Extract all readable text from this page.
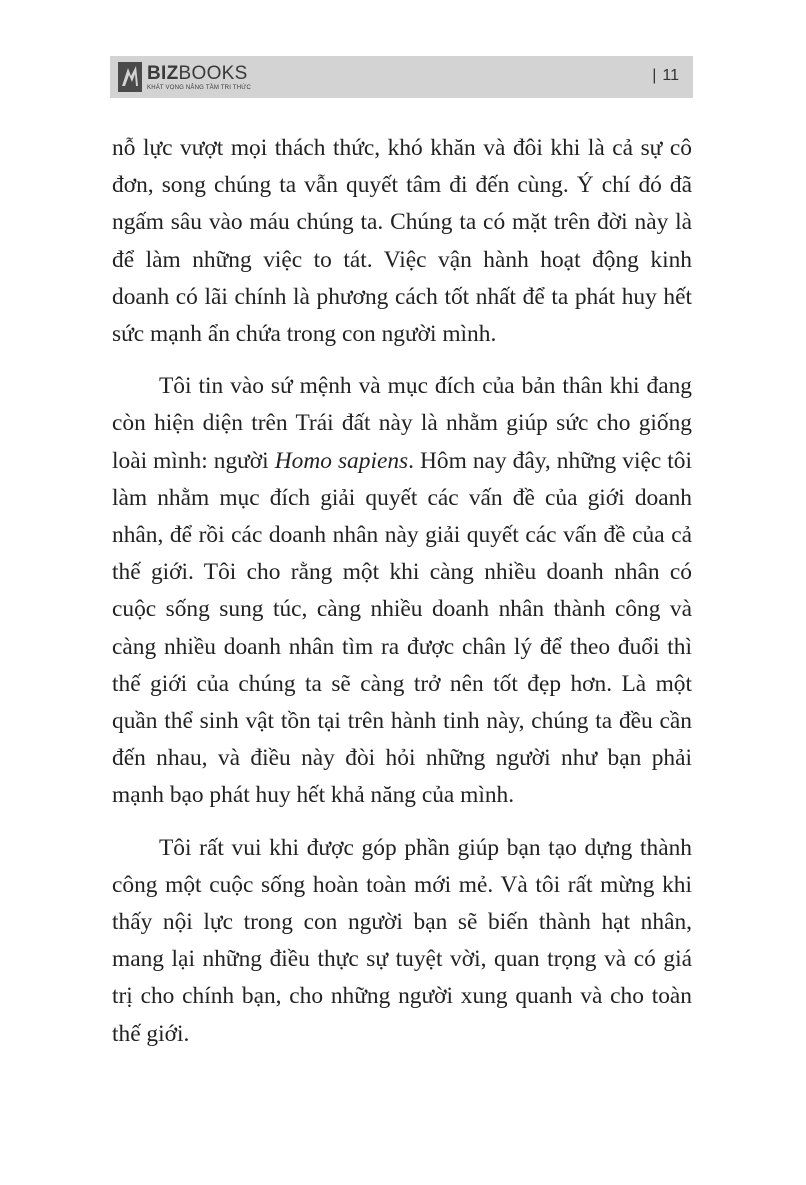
BIZBOOKS
KHÁT VỌNG NÂNG TẦM TRI THỨC
| 11

nỗ lực vượt mọi thách thức, khó khăn và đôi khi là cả sự cô đơn, song chúng ta vẫn quyết tâm đi đến cùng. Ý chí đó đã ngấm sâu vào máu chúng ta. Chúng ta có mặt trên đời này là để làm những việc to tát. Việc vận hành hoạt động kinh doanh có lãi chính là phương cách tốt nhất để ta phát huy hết sức mạnh ẩn chứa trong con người mình.

Tôi tin vào sứ mệnh và mục đích của bản thân khi đang còn hiện diện trên Trái đất này là nhằm giúp sức cho giống loài mình: người Homo sapiens. Hôm nay đây, những việc tôi làm nhằm mục đích giải quyết các vấn đề của giới doanh nhân, để rồi các doanh nhân này giải quyết các vấn đề của cả thế giới. Tôi cho rằng một khi càng nhiều doanh nhân có cuộc sống sung túc, càng nhiều doanh nhân thành công và càng nhiều doanh nhân tìm ra được chân lý để theo đuổi thì thế giới của chúng ta sẽ càng trở nên tốt đẹp hơn. Là một quần thể sinh vật tồn tại trên hành tinh này, chúng ta đều cần đến nhau, và điều này đòi hỏi những người như bạn phải mạnh bạo phát huy hết khả năng của mình.

Tôi rất vui khi được góp phần giúp bạn tạo dựng thành công một cuộc sống hoàn toàn mới mẻ. Và tôi rất mừng khi thấy nội lực trong con người bạn sẽ biến thành hạt nhân, mang lại những điều thực sự tuyệt vời, quan trọng và có giá trị cho chính bạn, cho những người xung quanh và cho toàn thế giới.
